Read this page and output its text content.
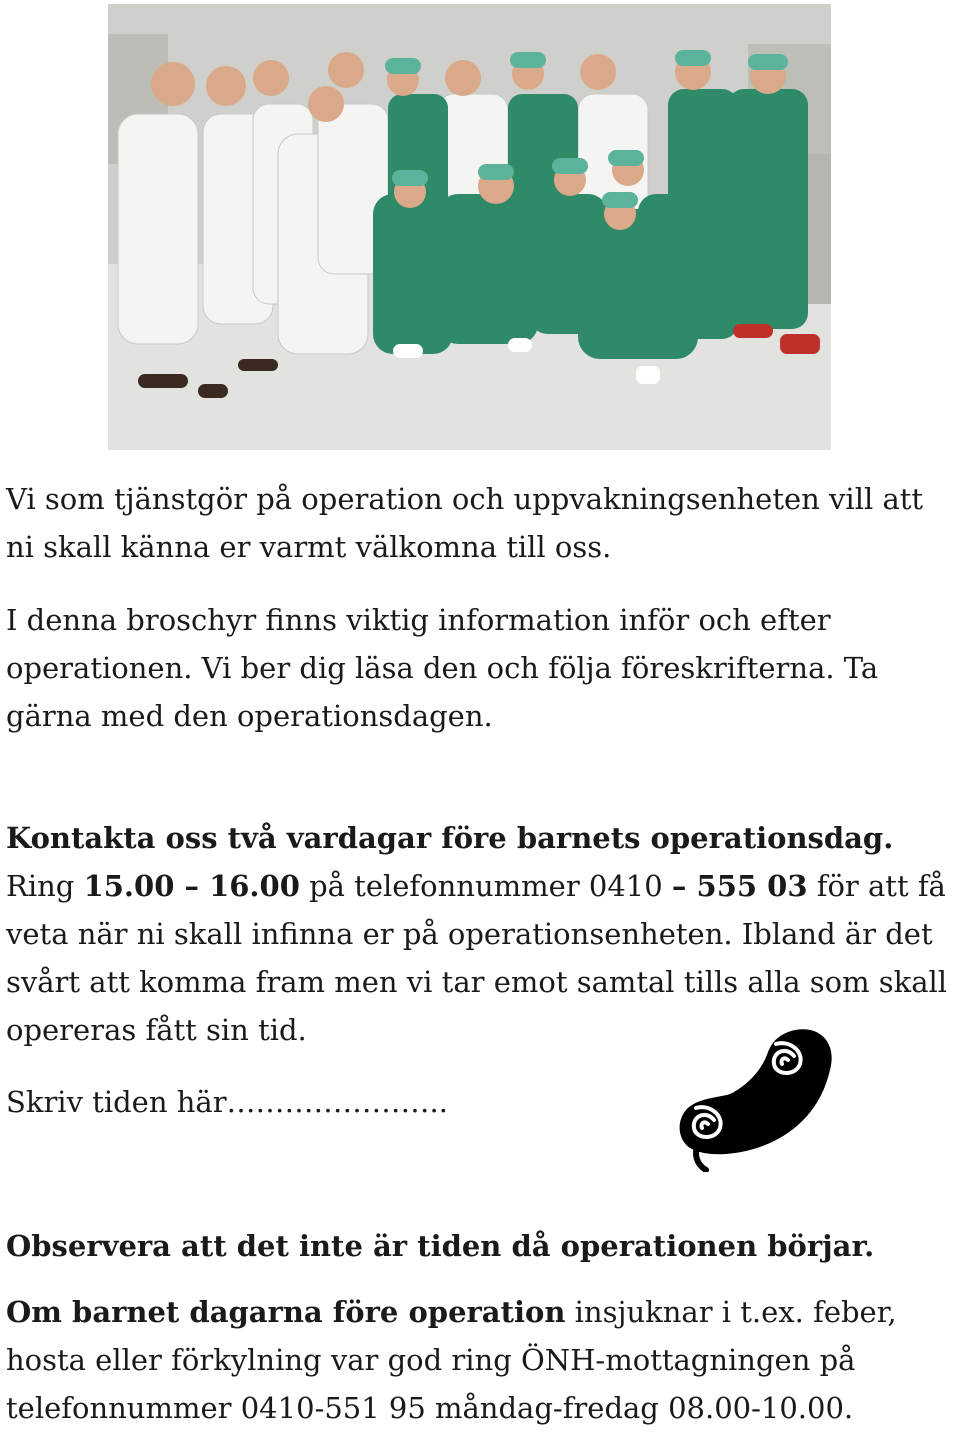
Vi som tjänstgör på operation och uppvakningsenheten vill att ni skall känna er varmt välkomna till oss.
I denna broschyr finns viktig information inför och efter operationen. Vi ber dig läsa den och följa föreskrifterna. Ta gärna med den operationsdagen.
Kontakta oss två vardagar före barnets operationsdag.
Ring 15.00 – 16.00 på telefonnummer 0410 – 555 03 för att få veta när ni skall infinna er på operationsenheten. Ibland är det svårt att komma fram men vi tar emot samtal tills alla som skall opereras fått sin tid.
Skriv tiden här…………………..
Observera att det inte är tiden då operationen börjar.
Om barnet dagarna före operation insjuknar i t.ex. feber, hosta eller förkylning var god ring ÖNH-mottagningen på telefonnummer 0410-551 95 måndag-fredag 08.00-10.00.
